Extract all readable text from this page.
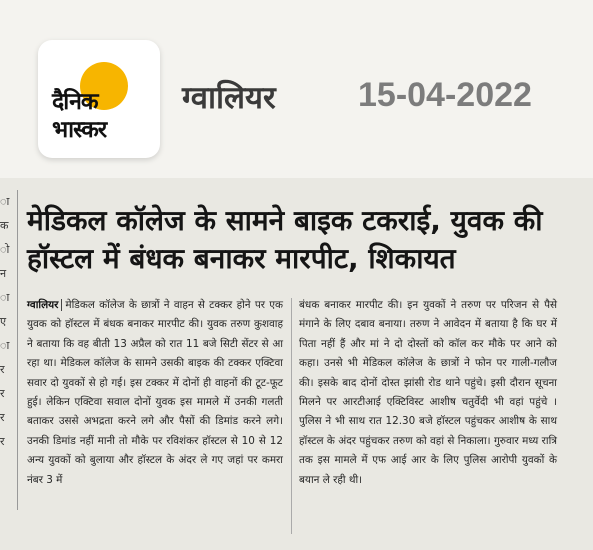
दैनिक
भास्कर
ग्वालियर 15-04-2022
ा
क
ो
न
ा
ए
ा
र
र
र
र
मेडिकल कॉलेज के सामने बाइक टकराई, युवक की हॉस्टल में बंधक बनाकर मारपीट, शिकायत
ग्वालियर मेडिकल कॉलेज के छात्रों ने वाहन से टक्कर होने पर एक युवक को हॉस्टल में बंधक बनाकर मारपीट की। युवक तरुण कुशवाह ने बताया कि वह बीती 13 अप्रैल को रात 11 बजे सिटी सेंटर से आ रहा था। मेडिकल कॉलेज के सामने उसकी बाइक की टक्कर एक्टिवा सवार दो युवकों से हो गई। इस टक्कर में दोनों ही वाहनों की टूट-फूट हुई। लेकिन एक्टिवा सवाल दोनों युवक इस मामले में उनकी गलती बताकर उससे अभद्रता करने लगे और पैसों की डिमांड करने लगे। उनकी डिमांड नहीं मानी तो मौके पर रविशंकर हॉस्टल से 10 से 12 अन्य युवकों को बुलाया और हॉस्टल के अंदर ले गए जहां पर कमरा नंबर 3 में
बंधक बनाकर मारपीट की। इन युवकों ने तरुण पर परिजन से पैसे मंगाने के लिए दबाव बनाया। तरुण ने आवेदन में बताया है कि घर में पिता नहीं हैं और मां ने दो दोस्तों को कॉल कर मौके पर आने को कहा। उनसे भी मेडिकल कॉलेज के छात्रों ने फोन पर गाली-गलौज की। इसके बाद दोनों दोस्त झांसी रोड थाने पहुंचे। इसी दौरान सूचना मिलने पर आरटीआई एक्टिविस्ट आशीष चतुर्वेदी भी वहां पहुंचे । पुलिस ने भी साथ रात 12.30 बजे हॉस्टल पहुंचकर आशीष के साथ हॉस्टल के अंदर पहुंचकर तरुण को वहां से निकाला। गुरुवार मध्य रात्रि तक इस मामले में एफ आई आर के लिए पुलिस आरोपी युवकों के बयान ले रही थी।
